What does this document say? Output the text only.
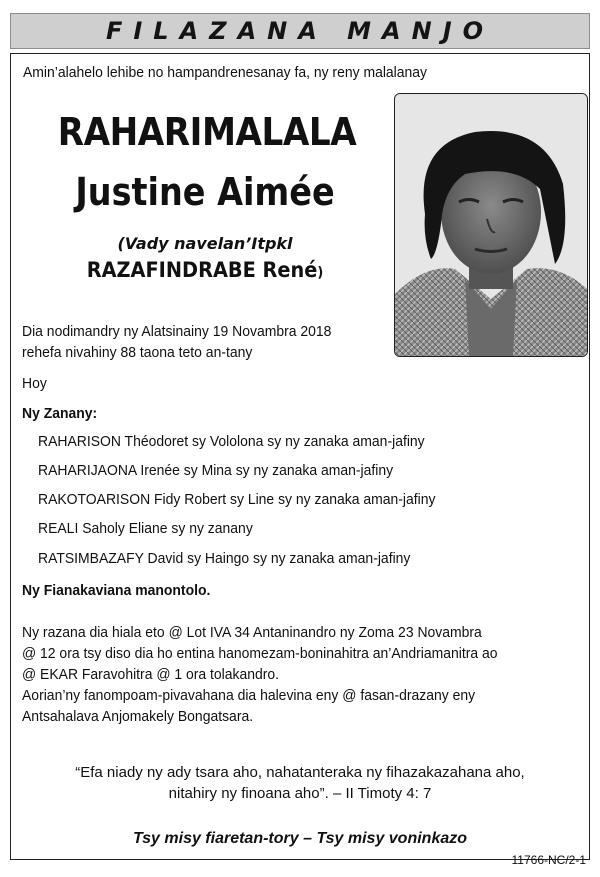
FILAZANA MANJO
Amin’alahelo lehibe no hampandrenesanay fa, ny reny malalanay
RAHARIMALALA
Justine Aimée
(Vady navelan’Itpkl
RAZAFINDRABE René)
Dia nodimandry ny Alatsinainy 19 Novambra 2018
rehefa nivahiny 88 taona teto an-tany
Hoy
Ny Zanany:
RAHARISON Théodoret sy Vololona sy ny zanaka aman-jafiny
RAHARIJAONA Irenée sy Mina sy ny zanaka aman-jafiny
RAKOTOARISON Fidy Robert sy Line sy ny zanaka aman-jafiny
REALI Saholy Eliane sy ny zanany
RATSIMBAZAFY David sy Haingo sy ny zanaka aman-jafiny
Ny Fianakaviana manontolo.

Ny razana dia hiala eto @ Lot IVA 34 Antaninandro ny Zoma 23 Novambra

@ 12 ora tsy diso dia ho entina hanomezam-boninahitra an’Andriamanitra ao

@ EKAR Faravohitra @ 1 ora tolakandro.

Aorian’ny fanompoam-pivavahana dia halevina eny @ fasan-drazany eny

Antsahalava Anjomakely Bongatsara.

“Efa niady ny ady tsara aho, nahatanteraka ny fihazakazahana aho,
nitahiry ny finoana aho”. – II Timoty 4: 7
Tsy misy fiaretan-tory – Tsy misy voninkazo
11766-NC/2-1
